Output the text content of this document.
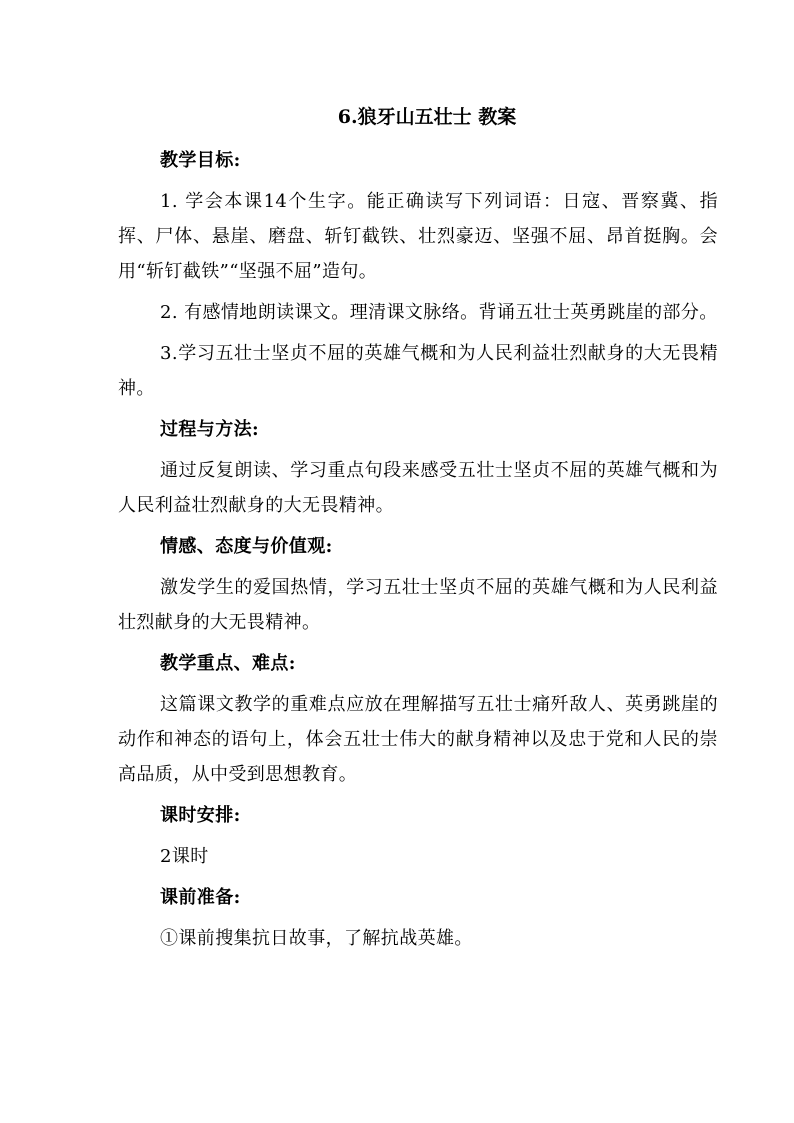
6.狼牙山五壮士 教案
教学目标:
1. 学会本课14个生字。能正确读写下列词语：日寇、晋察冀、指挥、尸体、悬崖、磨盘、斩钉截铁、壮烈豪迈、坚强不屈、昂首挺胸。会用“斩钉截铁”“坚强不屈”造句。
2. 有感情地朗读课文。理清课文脉络。背诵五壮士英勇跳崖的部分。
3.学习五壮士坚贞不屈的英雄气概和为人民利益壮烈献身的大无畏精神。
过程与方法:
通过反复朗读、学习重点句段来感受五壮士坚贞不屈的英雄气概和为人民利益壮烈献身的大无畏精神。
情感、态度与价值观:
激发学生的爱国热情，学习五壮士坚贞不屈的英雄气概和为人民利益壮烈献身的大无畏精神。
教学重点、难点:
这篇课文教学的重难点应放在理解描写五壮士痛歼敌人、英勇跳崖的动作和神态的语句上，体会五壮士伟大的献身精神以及忠于党和人民的崇高品质，从中受到思想教育。
课时安排:
2课时
课前准备:
①课前搜集抗日故事，了解抗战英雄。
